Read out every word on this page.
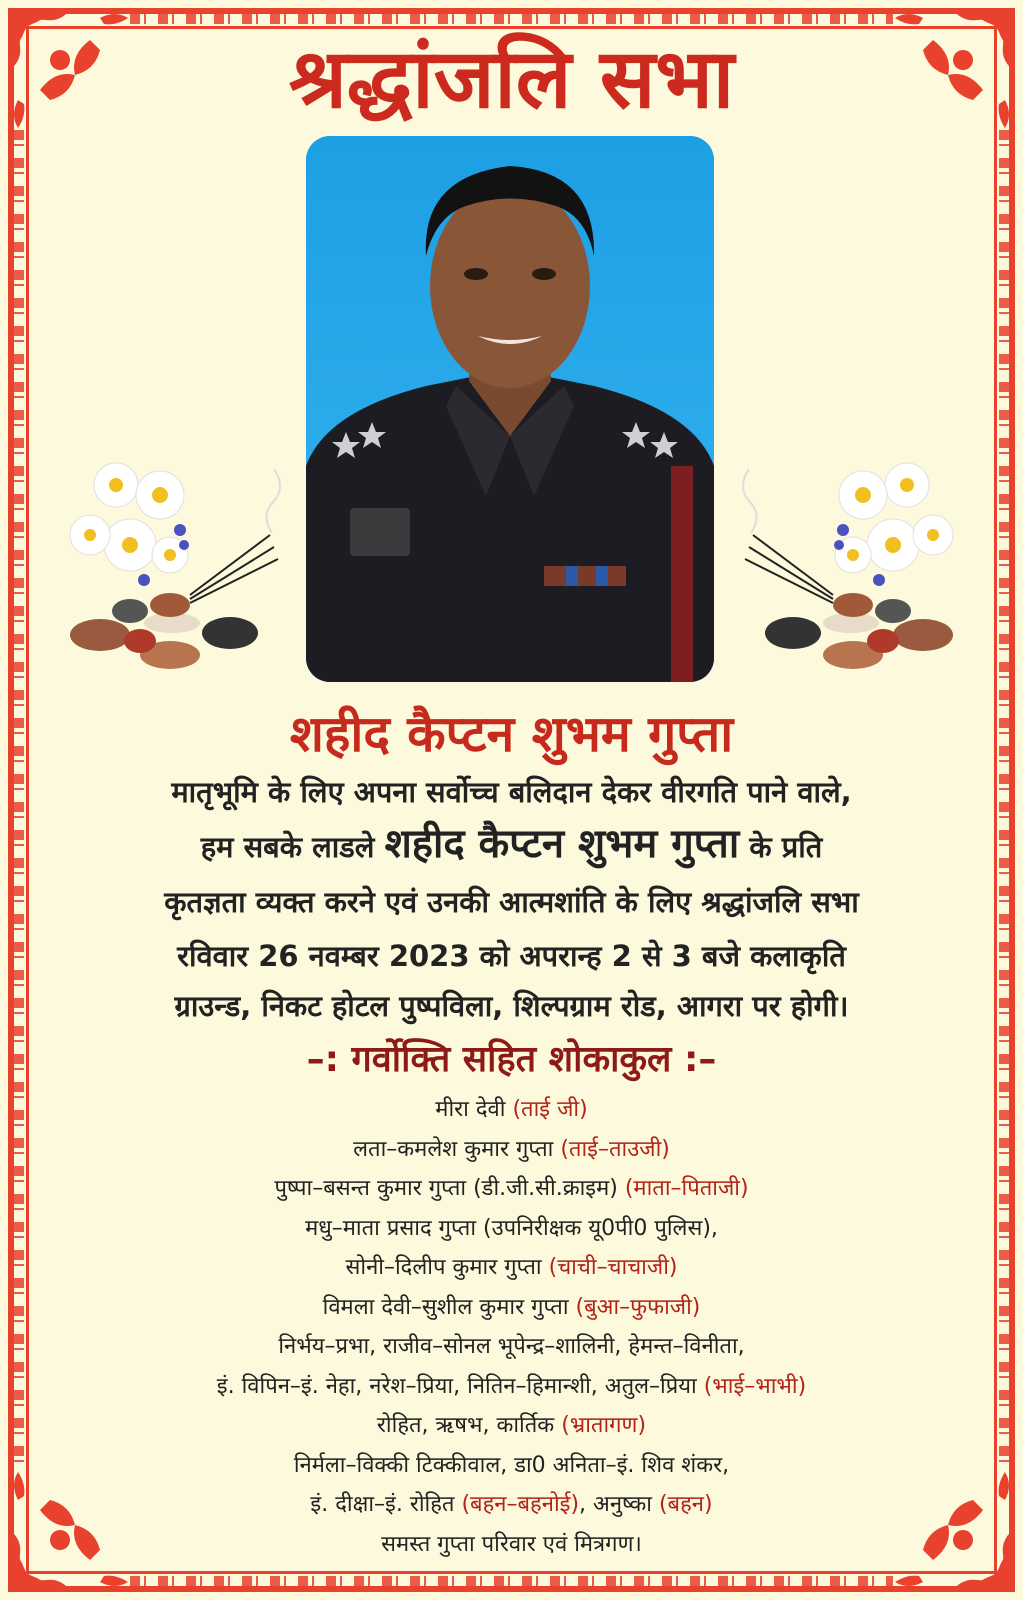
श्रद्धांजलि सभा
शहीद कैप्टन शुभम गुप्ता
मातृभूमि के लिए अपना सर्वोच्च बलिदान देकर वीरगति पाने वाले,
हम सबके लाडले शहीद कैप्टन शुभम गुप्ता के प्रति
कृतज्ञता व्यक्त करने एवं उनकी आत्मशांति के लिए श्रद्धांजलि सभा
रविवार 26 नवम्बर 2023 को अपरान्ह 2 से 3 बजे कलाकृति
ग्राउन्ड, निकट होटल पुष्पविला, शिल्पग्राम रोड, आगरा पर होगी।
–: गर्वोक्ति सहित शोकाकुल :–
मीरा देवी (ताई जी)
लता–कमलेश कुमार गुप्ता (ताई–ताउजी)
पुष्पा–बसन्त कुमार गुप्ता (डी.जी.सी.क्राइम) (माता–पिताजी)
मधु–माता प्रसाद गुप्ता (उपनिरीक्षक यू0पी0 पुलिस),
सोनी–दिलीप कुमार गुप्ता (चाची–चाचाजी)
विमला देवी–सुशील कुमार गुप्ता (बुआ–फुफाजी)
निर्भय–प्रभा, राजीव–सोनल भूपेन्द्र–शालिनी, हेमन्त–विनीता,
इं. विपिन–इं. नेहा, नरेश–प्रिया, नितिन–हिमान्शी, अतुल–प्रिया (भाई–भाभी)
रोहित, ऋषभ, कार्तिक (भ्रातागण)
निर्मला–विक्की टिक्कीवाल, डा0 अनिता–इं. शिव शंकर,
इं. दीक्षा–इं. रोहित (बहन–बहनोई), अनुष्का (बहन)
समस्त गुप्ता परिवार एवं मित्रगण।
